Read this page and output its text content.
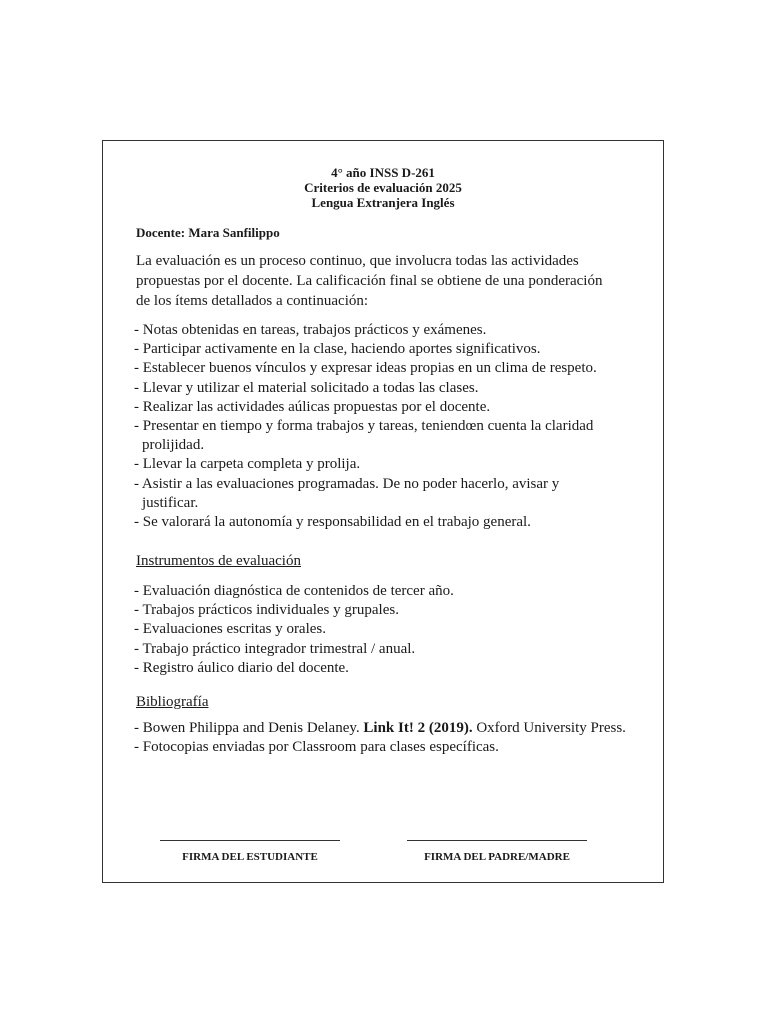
4° año INSS D-261
Criterios de evaluación 2025
Lengua Extranjera Inglés
Docente: Mara Sanfilippo
La evaluación es un proceso continuo, que involucra todas las actividades
propuestas por el docente. La calificación final se obtiene de una ponderación
de los ítems detallados a continuación:
- Notas obtenidas en tareas, trabajos prácticos y exámenes.
- Participar activamente en la clase, haciendo aportes significativos.
- Establecer buenos vínculos y expresar ideas propias en un clima de respeto.
- Llevar y utilizar el material solicitado a todas las clases.
- Realizar las actividades aúlicas propuestas por el docente.
- Presentar en tiempo y forma trabajos y tareas, teniendœn cuenta la claridad
prolijidad.
- Llevar la carpeta completa y prolija.
- Asistir a las evaluaciones programadas. De no poder hacerlo, avisar y
justificar.
- Se valorará la autonomía y responsabilidad en el trabajo general.
Instrumentos de evaluación
- Evaluación diagnóstica de contenidos de tercer año.
- Trabajos prácticos individuales y grupales.
- Evaluaciones escritas y orales.
- Trabajo práctico integrador trimestral / anual.
- Registro áulico diario del docente.
Bibliografía
- Bowen Philippa and Denis Delaney. Link It! 2 (2019). Oxford University Press.
- Fotocopias enviadas por Classroom para clases específicas.
FIRMA DEL ESTUDIANTE	FIRMA DEL PADRE/MADRE
